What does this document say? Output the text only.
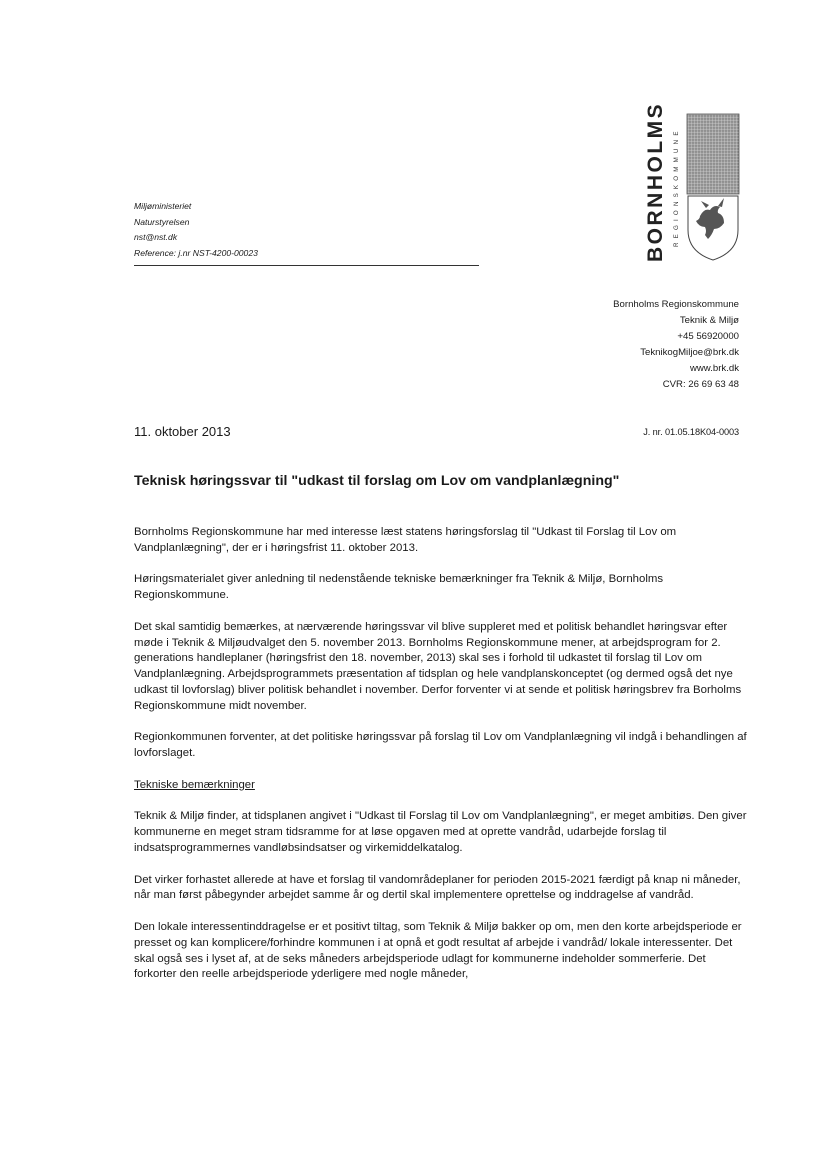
Miljøministeriet
Naturstyrelsen
nst@nst.dk
Reference: j.nr NST-4200-00023	BORNHOLMS REGIONSKOMMUNE
Bornholms Regionskommune
Teknik & Miljø
+45 56920000
TeknikogMiljoe@brk.dk
www.brk.dk
CVR: 26 69 63 48
11. oktober 2013	J. nr. 01.05.18K04-0003
Teknisk høringssvar til "udkast til forslag om Lov om vandplanlægning"

Bornholms Regionskommune har med interesse læst statens høringsforslag til "Udkast til Forslag til Lov om Vandplanlægning", der er i høringsfrist 11. oktober 2013.

Høringsmaterialet giver anledning til nedenstående tekniske bemærkninger fra Teknik & Miljø, Bornholms Regionskommune.

Det skal samtidig bemærkes, at nærværende høringssvar vil blive suppleret med et politisk behandlet høringsvar efter møde i Teknik & Miljøudvalget den 5. november 2013. Bornholms Regionskommune mener, at arbejdsprogram for 2. generations handleplaner (høringsfrist den 18. november, 2013) skal ses i forhold til udkastet til forslag til Lov om Vandplanlægning. Arbejdsprogrammets præsentation af tidsplan og hele vandplanskonceptet (og dermed også det nye udkast til lovforslag) bliver politisk behandlet i november. Derfor forventer vi at sende et politisk høringsbrev fra Borholms Regionskommune midt november.

Regionkommunen forventer, at det politiske høringssvar på forslag til Lov om Vandplanlægning vil indgå i behandlingen af lovforslaget.

Tekniske bemærkninger

Teknik & Miljø finder, at tidsplanen angivet i "Udkast til Forslag til Lov om Vandplanlægning", er meget ambitiøs. Den giver kommunerne en meget stram tidsramme for at løse opgaven med at oprette vandråd, udarbejde forslag til indsatsprogrammernes vandløbsindsatser og virkemiddelkatalog.

Det virker forhastet allerede at have et forslag til vandområdeplaner for perioden 2015-2021 færdigt på knap ni måneder, når man først påbegynder arbejdet samme år og dertil skal implementere oprettelse og inddragelse af vandråd.

Den lokale interessentinddragelse er et positivt tiltag, som Teknik & Miljø bakker op om, men den korte arbejdsperiode er presset og kan komplicere/forhindre kommunen i at opnå et godt resultat af arbejde i vandråd/ lokale interessenter. Det skal også ses i lyset af, at de seks måneders arbejdsperiode udlagt for kommunerne indeholder sommerferie. Det forkorter den reelle arbejdsperiode yderligere med nogle måneder,
